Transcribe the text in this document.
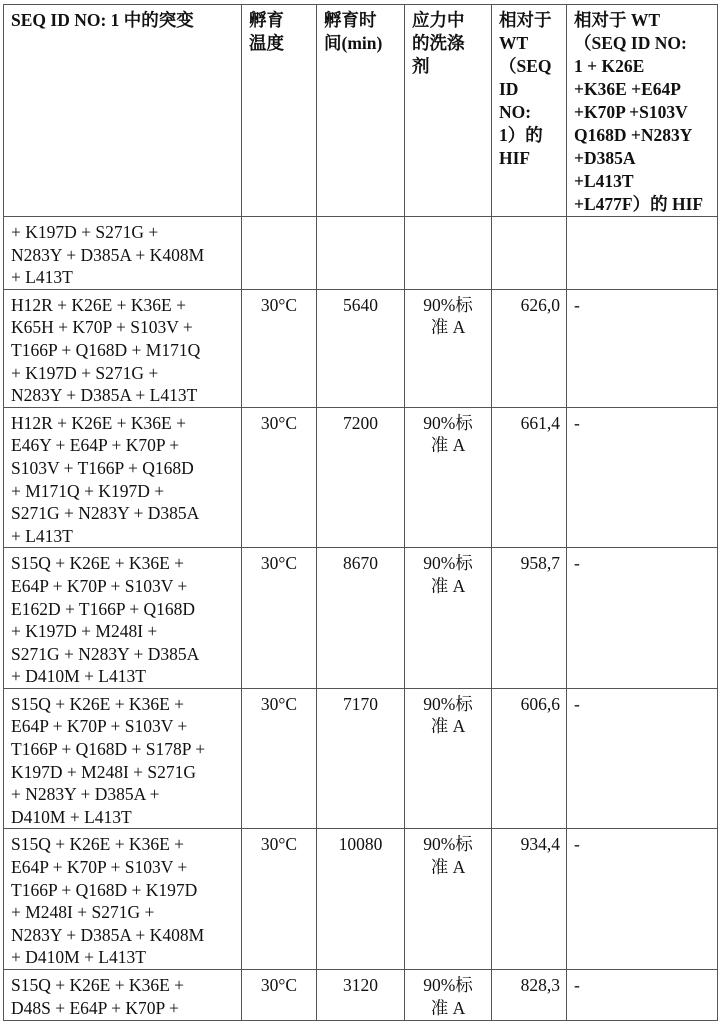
SEQ ID NO: 1 中的突变	孵育
温度	孵育时
间(min)	应力中
的洗涤
剂	相对于
WT
（SEQ
ID
NO:
1）的
HIF	相对于 WT
（SEQ ID NO:
1 + K26E
+K36E +E64P
+K70P +S103V
Q168D +N283Y
+D385A
+L413T
+L477F）的 HIF
+ K197D + S271G +
N283Y + D385A + K408M
+ L413T					
H12R + K26E + K36E +
K65H + K70P + S103V +
T166P + Q168D + M171Q
+ K197D + S271G +
N283Y + D385A + L413T	30°C	5640	90%标
准 A	626,0	-
H12R + K26E + K36E +
E46Y + E64P + K70P +
S103V + T166P + Q168D
+ M171Q + K197D +
S271G + N283Y + D385A
+ L413T	30°C	7200	90%标
准 A	661,4	-
S15Q + K26E + K36E +
E64P + K70P + S103V +
E162D + T166P + Q168D
+ K197D + M248I +
S271G + N283Y + D385A
+ D410M + L413T	30°C	8670	90%标
准 A	958,7	-
S15Q + K26E + K36E +
E64P + K70P + S103V +
T166P + Q168D + S178P +
K197D + M248I + S271G
+ N283Y + D385A +
D410M + L413T	30°C	7170	90%标
准 A	606,6	-
S15Q + K26E + K36E +
E64P + K70P + S103V +
T166P + Q168D + K197D
+ M248I + S271G +
N283Y + D385A + K408M
+ D410M + L413T	30°C	10080	90%标
准 A	934,4	-
S15Q + K26E + K36E +
D48S + E64P + K70P +	30°C	3120	90%标
准 A	828,3	-
